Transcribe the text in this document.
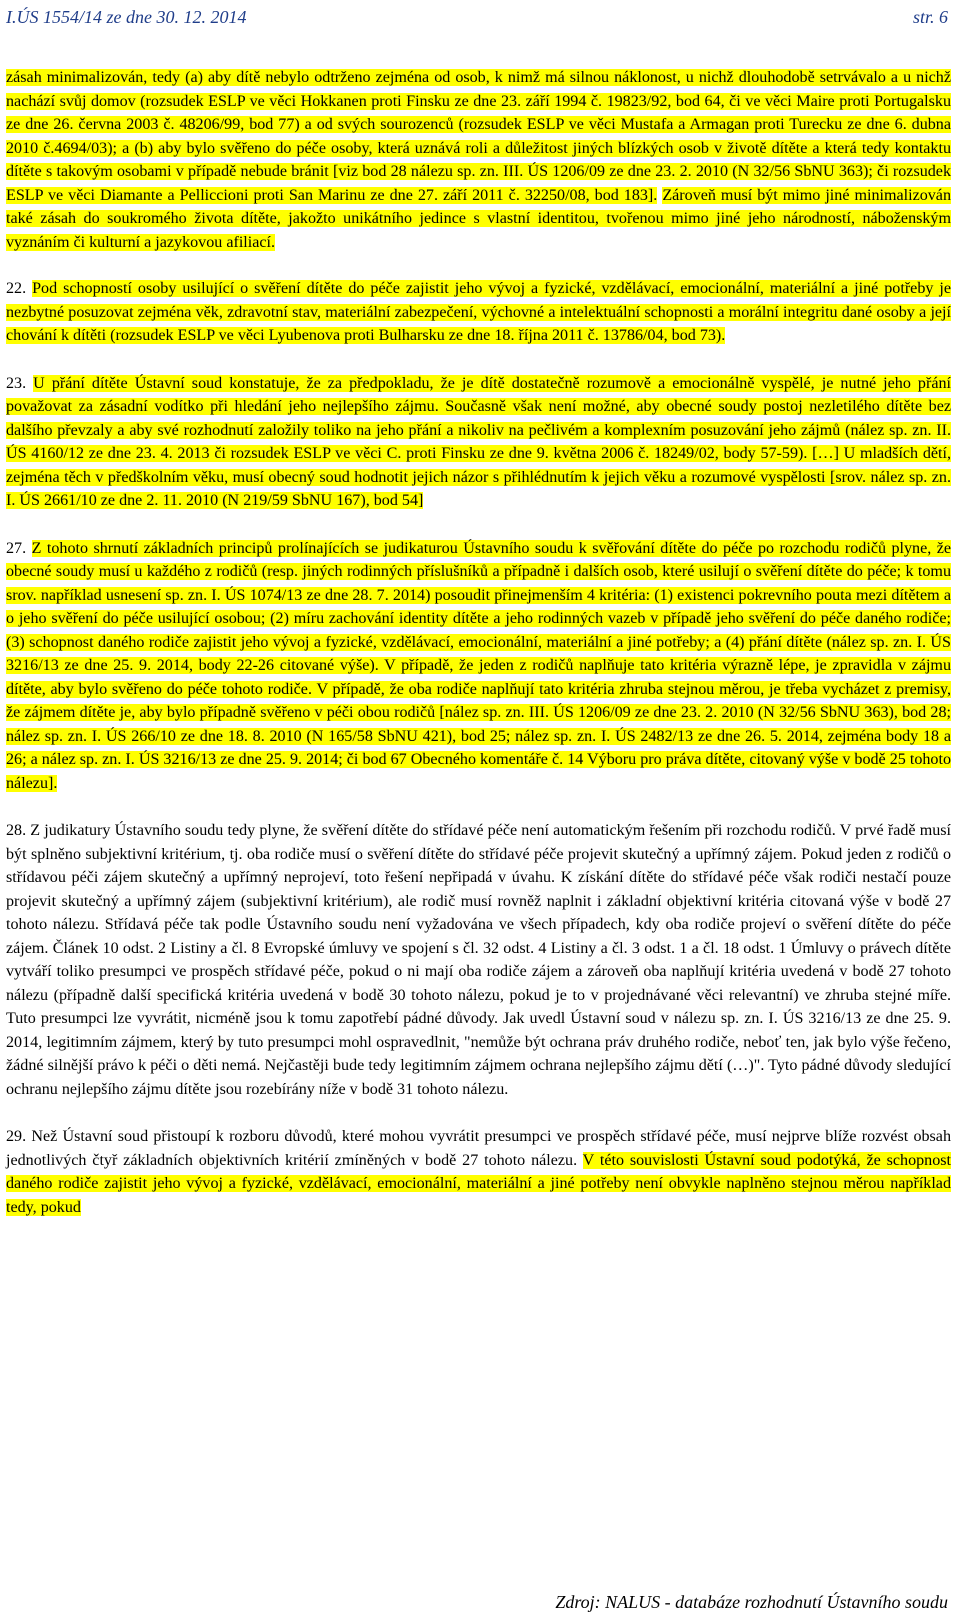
I.ÚS 1554/14 ze dne 30. 12. 2014	str. 6

zásah minimalizován, tedy (a) aby dítě nebylo odtrženo zejména od osob, k nimž má silnou náklonost, u nichž dlouhodobě setrvávalo a u nichž nachází svůj domov (rozsudek ESLP ve věci Hokkanen proti Finsku ze dne 23. září 1994 č. 19823/92, bod 64, či ve věci Maire proti Portugalsku ze dne 26. června 2003 č. 48206/99, bod 77) a od svých sourozenců (rozsudek ESLP ve věci Mustafa a Armagan proti Turecku ze dne 6. dubna 2010 č.4694/03); a (b) aby bylo svěřeno do péče osoby, která uznává roli a důležitost jiných blízkých osob v životě dítěte a která tedy kontaktu dítěte s takovým osobami v případě nebude bránit [viz bod 28 nálezu sp. zn. III. ÚS 1206/09 ze dne 23. 2. 2010 (N 32/56 SbNU 363); či rozsudek ESLP ve věci Diamante a Pelliccioni proti San Marinu ze dne 27. září 2011 č. 32250/08, bod 183]. Zároveň musí být mimo jiné minimalizován také zásah do soukromého života dítěte, jakožto unikátního jedince s vlastní identitou, tvořenou mimo jiné jeho národností, náboženským vyznáním či kulturní a jazykovou afiliací.

22. Pod schopností osoby usilující o svěření dítěte do péče zajistit jeho vývoj a fyzické, vzdělávací, emocionální, materiální a jiné potřeby je nezbytné posuzovat zejména věk, zdravotní stav, materiální zabezpečení, výchovné a intelektuální schopnosti a morální integritu dané osoby a její chování k dítěti (rozsudek ESLP ve věci Lyubenova proti Bulharsku ze dne 18. října 2011 č. 13786/04, bod 73).

23. U přání dítěte Ústavní soud konstatuje, že za předpokladu, že je dítě dostatečně rozumově a emocionálně vyspělé, je nutné jeho přání považovat za zásadní vodítko při hledání jeho nejlepšího zájmu. Současně však není možné, aby obecné soudy postoj nezletilého dítěte bez dalšího převzaly a aby své rozhodnutí založily toliko na jeho přání a nikoliv na pečlivém a komplexním posuzování jeho zájmů (nález sp. zn. II. ÚS 4160/12 ze dne 23. 4. 2013 či rozsudek ESLP ve věci C. proti Finsku ze dne 9. května 2006 č. 18249/02, body 57-59). […] U mladších dětí, zejména těch v předškolním věku, musí obecný soud hodnotit jejich názor s přihlédnutím k jejich věku a rozumové vyspělosti [srov. nález sp. zn. I. ÚS 2661/10 ze dne 2. 11. 2010 (N 219/59 SbNU 167), bod 54]

27. Z tohoto shrnutí základních principů prolínajících se judikaturou Ústavního soudu k svěřování dítěte do péče po rozchodu rodičů plyne, že obecné soudy musí u každého z rodičů (resp. jiných rodinných příslušníků a případně i dalších osob, které usilují o svěření dítěte do péče; k tomu srov. například usnesení sp. zn. I. ÚS 1074/13 ze dne 28. 7. 2014) posoudit přinejmenším 4 kritéria: (1) existenci pokrevního pouta mezi dítětem a o jeho svěření do péče usilující osobou; (2) míru zachování identity dítěte a jeho rodinných vazeb v případě jeho svěření do péče daného rodiče; (3) schopnost daného rodiče zajistit jeho vývoj a fyzické, vzdělávací, emocionální, materiální a jiné potřeby; a (4) přání dítěte (nález sp. zn. I. ÚS 3216/13 ze dne 25. 9. 2014, body 22-26 citované výše). V případě, že jeden z rodičů naplňuje tato kritéria výrazně lépe, je zpravidla v zájmu dítěte, aby bylo svěřeno do péče tohoto rodiče. V případě, že oba rodiče naplňují tato kritéria zhruba stejnou měrou, je třeba vycházet z premisy, že zájmem dítěte je, aby bylo případně svěřeno v péči obou rodičů [nález sp. zn. III. ÚS 1206/09 ze dne 23. 2. 2010 (N 32/56 SbNU 363), bod 28; nález sp. zn. I. ÚS 266/10 ze dne 18. 8. 2010 (N 165/58 SbNU 421), bod 25; nález sp. zn. I. ÚS 2482/13 ze dne 26. 5. 2014, zejména body 18 a 26; a nález sp. zn. I. ÚS 3216/13 ze dne 25. 9. 2014; či bod 67 Obecného komentáře č. 14 Výboru pro práva dítěte, citovaný výše v bodě 25 tohoto nálezu].

28. Z judikatury Ústavního soudu tedy plyne, že svěření dítěte do střídavé péče není automatickým řešením při rozchodu rodičů. V prvé řadě musí být splněno subjektivní kritérium, tj. oba rodiče musí o svěření dítěte do střídavé péče projevit skutečný a upřímný zájem. Pokud jeden z rodičů o střídavou péči zájem skutečný a upřímný neprojeví, toto řešení nepřipadá v úvahu. K získání dítěte do střídavé péče však rodiči nestačí pouze projevit skutečný a upřímný zájem (subjektivní kritérium), ale rodič musí rovněž naplnit i základní objektivní kritéria citovaná výše v bodě 27 tohoto nálezu. Střídavá péče tak podle Ústavního soudu není vyžadována ve všech případech, kdy oba rodiče projeví o svěření dítěte do péče zájem. Článek 10 odst. 2 Listiny a čl. 8 Evropské úmluvy ve spojení s čl. 32 odst. 4 Listiny a čl. 3 odst. 1 a čl. 18 odst. 1 Úmluvy o právech dítěte vytváří toliko presumpci ve prospěch střídavé péče, pokud o ni mají oba rodiče zájem a zároveň oba naplňují kritéria uvedená v bodě 27 tohoto nálezu (případně další specifická kritéria uvedená v bodě 30 tohoto nálezu, pokud je to v projednávané věci relevantní) ve zhruba stejné míře. Tuto presumpci lze vyvrátit, nicméně jsou k tomu zapotřebí pádné důvody. Jak uvedl Ústavní soud v nálezu sp. zn. I. ÚS 3216/13 ze dne 25. 9. 2014, legitimním zájmem, který by tuto presumpci mohl ospravedlnit, "nemůže být ochrana práv druhého rodiče, neboť ten, jak bylo výše řečeno, žádné silnější právo k péči o děti nemá. Nejčastěji bude tedy legitimním zájmem ochrana nejlepšího zájmu dětí (…)". Tyto pádné důvody sledující ochranu nejlepšího zájmu dítěte jsou rozebírány níže v bodě 31 tohoto nálezu.

29. Než Ústavní soud přistoupí k rozboru důvodů, které mohou vyvrátit presumpci ve prospěch střídavé péče, musí nejprve blíže rozvést obsah jednotlivých čtyř základních objektivních kritérií zmíněných v bodě 27 tohoto nálezu. V této souvislosti Ústavní soud podotýká, že schopnost daného rodiče zajistit jeho vývoj a fyzické, vzdělávací, emocionální, materiální a jiné potřeby není obvykle naplněno stejnou měrou například tedy, pokud

Zdroj: NALUS - databáze rozhodnutí Ústavního soudu
